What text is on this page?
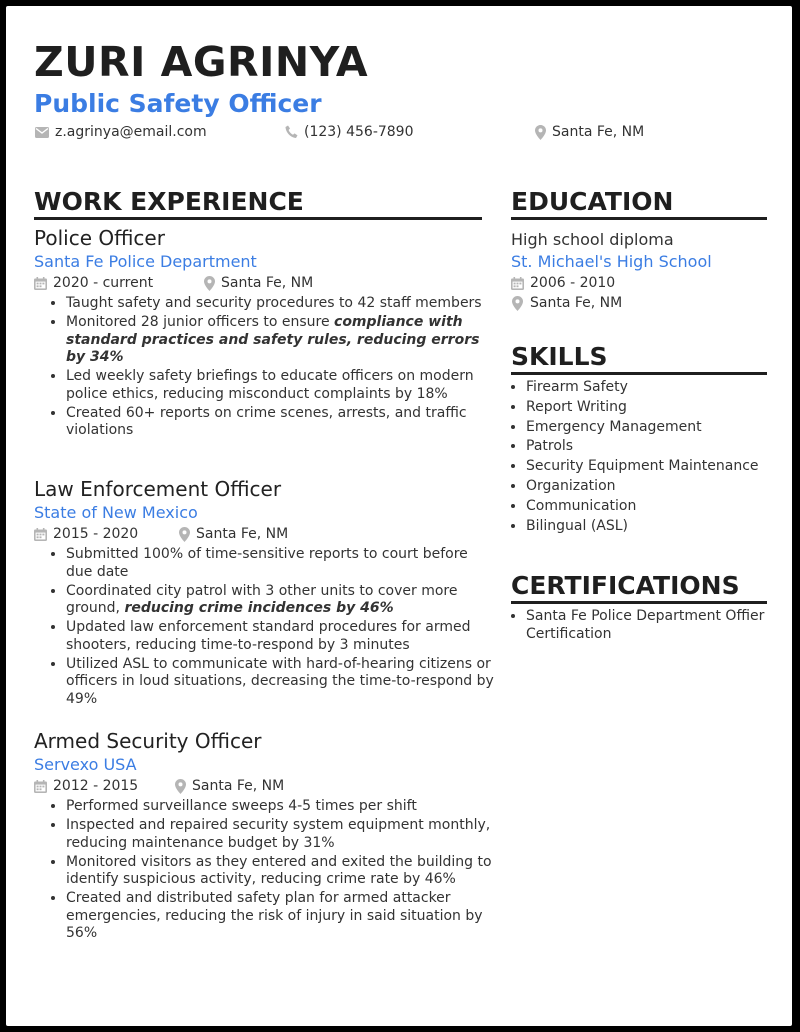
ZURI AGRINYA
Public Safety Officer
z.agrinya@email.com	(123) 456-7890	Santa Fe, NM
WORK EXPERIENCE
Police Officer
Santa Fe Police Department
2020 - current	Santa Fe, NM
• Taught safety and security procedures to 42 staff members
• Monitored 28 junior officers to ensure compliance with standard practices and safety rules, reducing errors by 34%
• Led weekly safety briefings to educate officers on modern police ethics, reducing misconduct complaints by 18%
• Created 60+ reports on crime scenes, arrests, and traffic violations
Law Enforcement Officer
State of New Mexico
2015 - 2020	Santa Fe, NM
• Submitted 100% of time-sensitive reports to court before due date
• Coordinated city patrol with 3 other units to cover more ground, reducing crime incidences by 46%
• Updated law enforcement standard procedures for armed shooters, reducing time-to-respond by 3 minutes
• Utilized ASL to communicate with hard-of-hearing citizens or officers in loud situations, decreasing the time-to-respond by 49%
Armed Security Officer
Servexo USA
2012 - 2015	Santa Fe, NM
• Performed surveillance sweeps 4-5 times per shift
• Inspected and repaired security system equipment monthly, reducing maintenance budget by 31%
• Monitored visitors as they entered and exited the building to identify suspicious activity, reducing crime rate by 46%
• Created and distributed safety plan for armed attacker emergencies, reducing the risk of injury in said situation by 56%
EDUCATION
High school diploma
St. Michael's High School
2006 - 2010
Santa Fe, NM
SKILLS
• Firearm Safety
• Report Writing
• Emergency Management
• Patrols
• Security Equipment Maintenance
• Organization
• Communication
• Bilingual (ASL)
CERTIFICATIONS
• Santa Fe Police Department Offier Certification
